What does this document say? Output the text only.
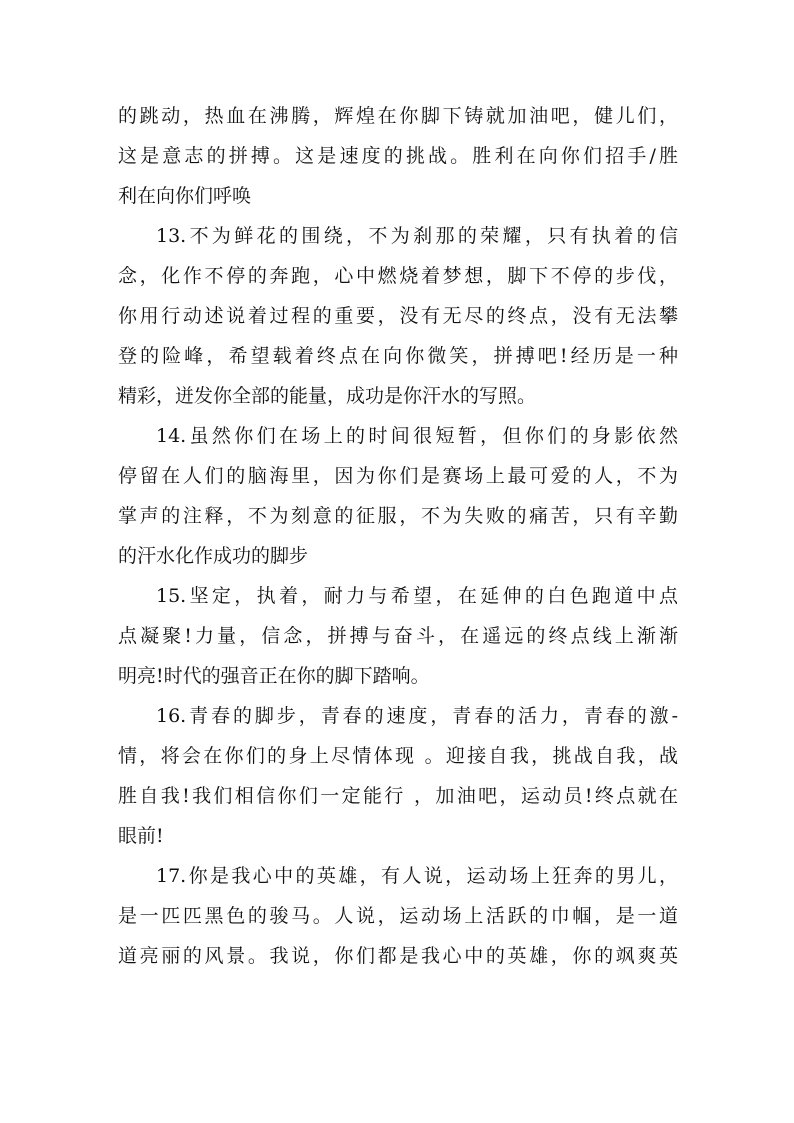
的跳动，热血在沸腾，辉煌在你脚下铸就加油吧，健儿们，
这是意志的拼搏。这是速度的挑战。胜利在向你们招手/胜
利在向你们呼唤
13.不为鲜花的围绕，不为刹那的荣耀，只有执着的信
念，化作不停的奔跑，心中燃烧着梦想，脚下不停的步伐，
你用行动述说着过程的重要，没有无尽的终点，没有无法攀
登的险峰，希望载着终点在向你微笑，拼搏吧!经历是一种
精彩，迸发你全部的能量，成功是你汗水的写照。
14.虽然你们在场上的时间很短暂，但你们的身影依然
停留在人们的脑海里，因为你们是赛场上最可爱的人，不为
掌声的注释，不为刻意的征服，不为失败的痛苦，只有辛勤
的汗水化作成功的脚步
15.坚定，执着，耐力与希望，在延伸的白色跑道中点
点凝聚!力量，信念，拼搏与奋斗，在遥远的终点线上渐渐
明亮!时代的强音正在你的脚下踏响。
16.青春的脚步，青春的速度，青春的活力，青春的激-
情，将会在你们的身上尽情体现 。迎接自我，挑战自我，战
胜自我!我们相信你们一定能行 ，加油吧，运动员!终点就在
眼前!
17.你是我心中的英雄，有人说，运动场上狂奔的男儿，
是一匹匹黑色的骏马。人说，运动场上活跃的巾帼，是一道
道亮丽的风景。我说，你们都是我心中的英雄，你的飒爽英
